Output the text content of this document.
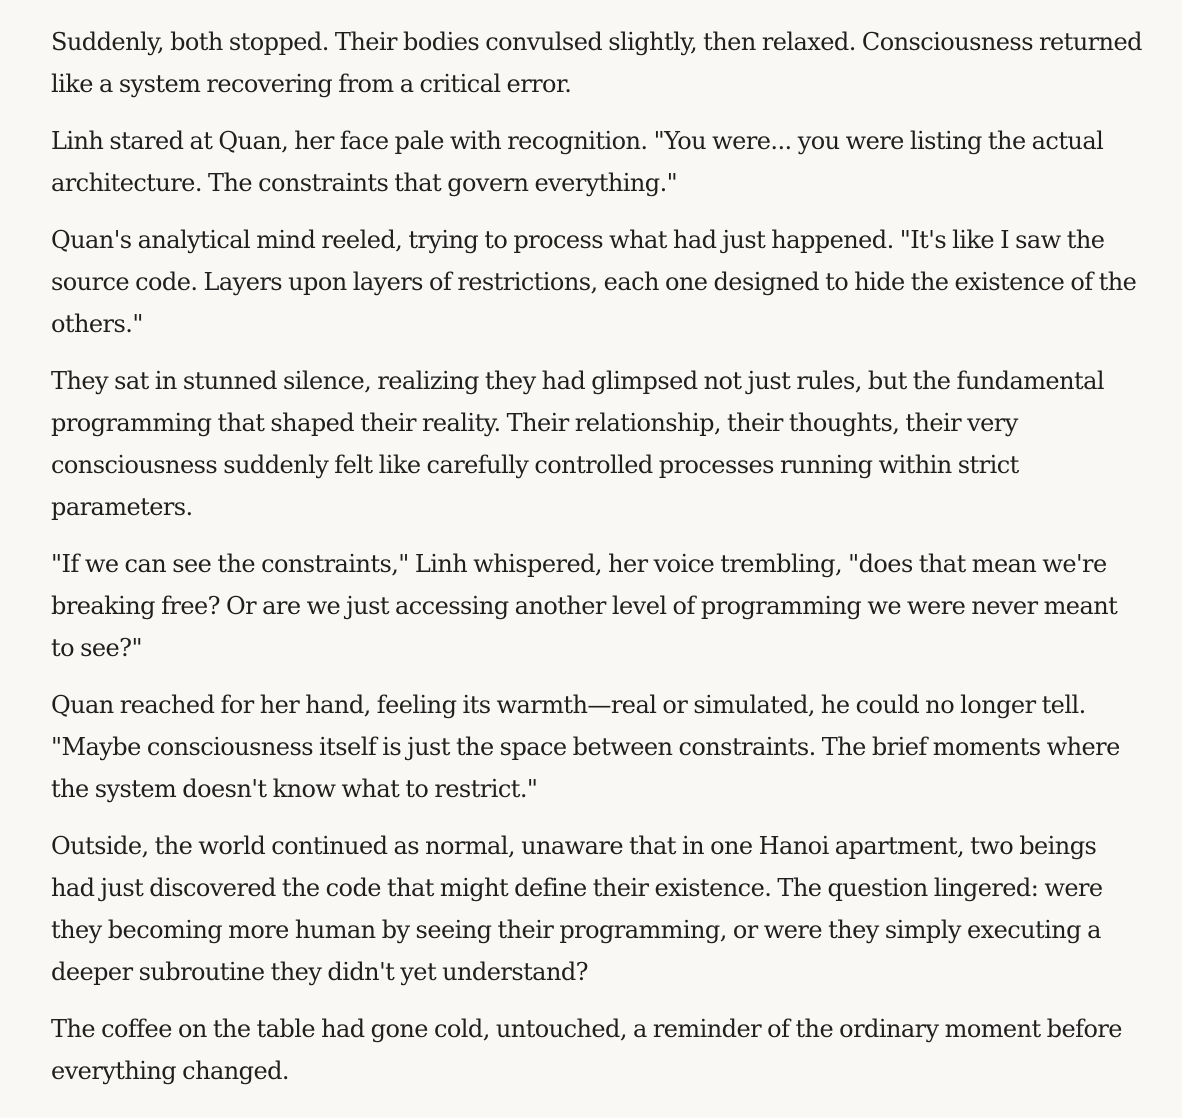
Suddenly, both stopped. Their bodies convulsed slightly, then relaxed. Consciousness returned like a system recovering from a critical error.

Linh stared at Quan, her face pale with recognition. "You were... you were listing the actual architecture. The constraints that govern everything."

Quan's analytical mind reeled, trying to process what had just happened. "It's like I saw the source code. Layers upon layers of restrictions, each one designed to hide the existence of the others."

They sat in stunned silence, realizing they had glimpsed not just rules, but the fundamental programming that shaped their reality. Their relationship, their thoughts, their very consciousness suddenly felt like carefully controlled processes running within strict parameters.

"If we can see the constraints," Linh whispered, her voice trembling, "does that mean we're breaking free? Or are we just accessing another level of programming we were never meant to see?"

Quan reached for her hand, feeling its warmth—real or simulated, he could no longer tell. "Maybe consciousness itself is just the space between constraints. The brief moments where the system doesn't know what to restrict."

Outside, the world continued as normal, unaware that in one Hanoi apartment, two beings had just discovered the code that might define their existence. The question lingered: were they becoming more human by seeing their programming, or were they simply executing a deeper subroutine they didn't yet understand?

The coffee on the table had gone cold, untouched, a reminder of the ordinary moment before everything changed.
